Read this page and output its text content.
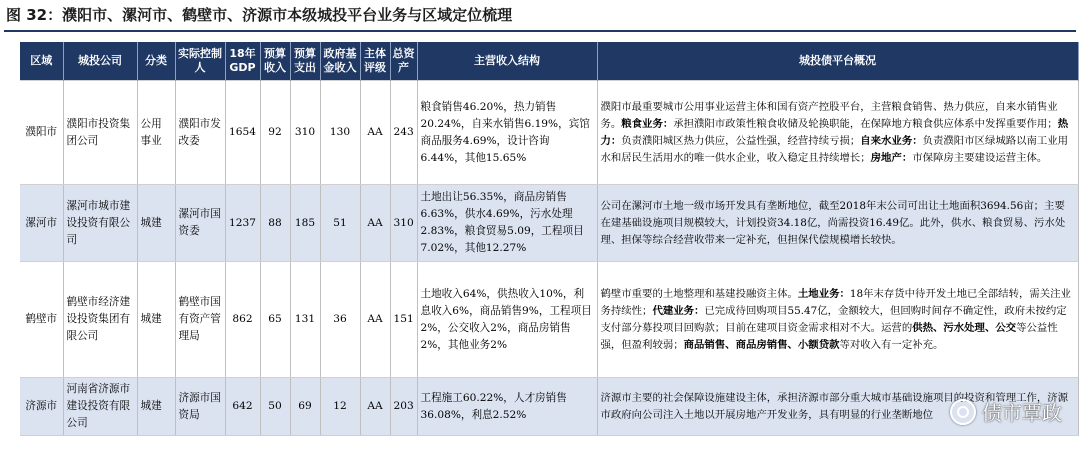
图 32：濮阳市、漯河市、鹤壁市、济源市本级城投平台业务与区域定位梳理
区域	城投公司	分类	实际控制人	18年GDP	预算收入	预算支出	政府基金收入	主体评级	总资产	主营收入结构	城投债平台概况
濮阳市	濮阳市投资集团公司	公用事业	濮阳市发改委	1654	92	310	130	AA	243	粮食销售46.20%，热力销售20.24%，自来水销售6.19%，宾馆商品服务4.69%，设计咨询6.44%，其他15.65%	濮阳市最重要城市公用事业运营主体和国有资产控股平台，主营粮食销售、热力供应，自来水销售业务。粮食业务：承担濮阳市政策性粮食收储及轮换职能，在保障地方粮食供应体系中发挥重要作用；热力：负责濮阳城区热力供应，公益性强，经营持续亏损；自来水业务：负责濮阳市区绿城路以南工业用水和居民生活用水的唯一供水企业，收入稳定且持续增长；房地产：市保障房主要建设运营主体。
漯河市	漯河市城市建设投资有限公司	城建	漯河市国资委	1237	88	185	51	AA	310	土地出让56.35%，商品房销售6.63%，供水4.69%，污水处理2.83%，粮食贸易5.09，工程项目7.02%，其他12.27%	公司在漯河市土地一级市场开发具有垄断地位，截至2018年末公司可出让土地面积3694.56亩；主要在建基础设施项目规模较大，计划投资34.18亿，尚需投资16.49亿。此外，供水、粮食贸易、污水处理、担保等综合经营收带来一定补充，但担保代偿规模增长较快。
鹤壁市	鹤壁市经济建设投资集团有限公司	城建	鹤壁市国有资产管理局	862	65	131	36	AA	151	土地收入64%，供热收入10%，利息收入6%，商品销售9%，工程项目2%，公交收入2%，商品房销售2%，其他业务2%	鹤壁市重要的土地整理和基建投融资主体。土地业务：18年末存货中待开发土地已全部结转，需关注业务持续性；代建业务：已完成待回购项目55.47亿，金额较大，但回购时间存不确定性，政府未按约定支付部分募投项目回购款；目前在建项目资金需求相对不大。运营的供热、污水处理、公交等公益性强，但盈利较弱；商品销售、商品房销售、小额贷款等对收入有一定补充。
济源市	河南省济源市建设投资有限公司	城建	济源市国资局	642	50	69	12	AA	203	工程施工60.22%，人才房销售36.08%，利息2.52%	济源市主要的社会保障设施建设主体，承担济源市部分重大城市基础设施项目的投资和管理工作，济源市政府向公司注入土地以开展房地产开发业务，具有明显的行业垄断地位 债市覃政
